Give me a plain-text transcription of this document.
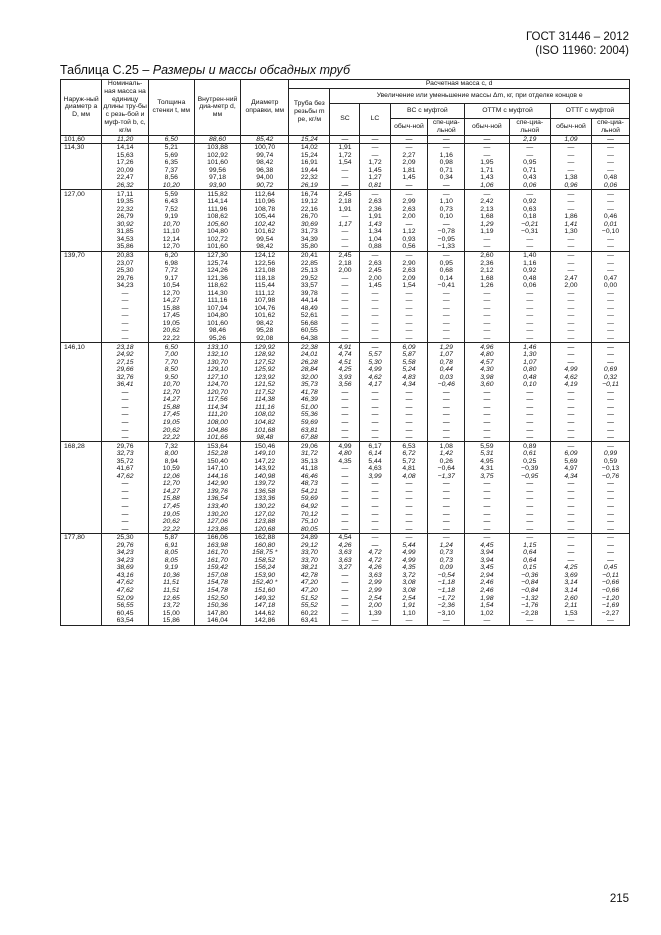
ГОСТ 31446 – 2012
(ISO 11960: 2004)
Таблица С.25 – Размеры и массы обсадных труб
Наруж-ный диаметр a D, мм	Номиналь-ная масса на единицу длины тру-бы с резь-бой и муф-той b, c, кг/м	Толщина стенки t, мм	Внутрен-ний диа-метр d, мм	Диаметр оправки, мм	Расчетная масса c, d								
					Труба без резьбы m pe, кг/м	Увеличение или уменьшение массы Δm, кг, при отделке концов e							
						SC	LC	BC с муфтой		ОТТМ с муфтой		ОТТГ с муфтой	
								обыч-ной	спе-циа-льной	обыч-ной	спе-циа-льной	обыч-ной	спе-циа-льной
101,60	11,20	6,50	88,60	85,42	15,24	—	—	—	—	—	2,19	1,09	—
114,30	14,14	5,21	103,88	100,70	14,02	1,91	—	—	—	—	—	—	—
	15,63	5,69	102,92	99,74	15,24	1,72	—	2,27	1,16	—	—	—	—
	17,26	6,35	101,60	98,42	16,91	1,54	1,72	2,09	0,98	1,95	0,95	—	—
	20,09	7,37	99,56	96,38	19,44	—	1,45	1,81	0,71	1,71	0,71	—	—
	22,47	8,56	97,18	94,00	22,32	—	1,27	1,45	0,34	1,43	0,43	1,38	0,48
	26,32	10,20	93,90	90,72	26,19	—	0,81	—	—	1,06	0,06	0,96	0,06
127,00	17,11	5,59	115,82	112,64	16,74	2,45	—	—	—	—	—	—	—
	19,35	6,43	114,14	110,96	19,12	2,18	2,63	2,99	1,10	2,42	0,92	—	—
	22,32	7,52	111,96	108,78	22,16	1,91	2,36	2,63	0,73	2,13	0,63	—	—
	26,79	9,19	108,62	105,44	26,70	—	1,91	2,00	0,10	1,68	0,18	1,86	0,46
	30,92	10,70	105,60	102,42	30,69	1,17	1,43	—	—	1,29	−0,21	1,41	0,01
	31,85	11,10	104,80	101,62	31,73	—	1,34	1,12	−0,78	1,19	−0,31	1,30	−0,10
	34,53	12,14	102,72	99,54	34,39	—	1,04	0,93	−0,95	—	—	—	—
	35,86	12,70	101,60	98,42	35,80	—	0,88	0,56	−1,33	—	—	—	—
139,70	20,83	6,20	127,30	124,12	20,41	2,45	—	—	—	2,60	1,40	—	—
	23,07	6,98	125,74	122,56	22,85	2,18	2,63	2,90	0,95	2,36	1,16	—	—
	25,30	7,72	124,26	121,08	25,13	2,00	2,45	2,63	0,68	2,12	0,92	—	—
	29,76	9,17	121,36	118,18	29,52	—	2,00	2,09	0,14	1,68	0,48	2,47	0,47
	34,23	10,54	118,62	115,44	33,57	—	1,45	1,54	−0,41	1,26	0,06	2,00	0,00
	—	12,70	114,30	111,12	39,78	—	—	—	—	—	—	—	—
	—	14,27	111,16	107,98	44,14	—	—	—	—	—	—	—	—
	—	15,88	107,94	104,76	48,49	—	—	—	—	—	—	—	—
	—	17,45	104,80	101,62	52,61	—	—	—	—	—	—	—	—
	—	19,05	101,60	98,42	56,68	—	—	—	—	—	—	—	—
	—	20,62	98,46	95,28	60,55	—	—	—	—	—	—	—	—
	—	22,22	95,26	92,08	64,38	—	—	—	—	—	—	—	—
146,10	23,18	6,50	133,10	129,92	22,38	4,91	—	6,09	1,29	4,96	1,46	—	—
	24,92	7,00	132,10	128,92	24,01	4,74	5,57	5,87	1,07	4,80	1,30	—	—
	27,15	7,70	130,70	127,52	26,28	4,51	5,30	5,58	0,78	4,57	1,07	—	—
	29,66	8,50	129,10	125,92	28,84	4,25	4,99	5,24	0,44	4,30	0,80	4,99	0,69
	32,76	9,50	127,10	123,92	32,00	3,93	4,62	4,83	0,03	3,98	0,48	4,62	0,32
	36,41	10,70	124,70	121,52	35,73	3,56	4,17	4,34	−0,46	3,60	0,10	4,19	−0,11
	—	12,70	120,70	117,52	41,78	—	—	—	—	—	—	—	—
	—	14,27	117,56	114,38	46,39	—	—	—	—	—	—	—	—
	—	15,88	114,34	111,16	51,00	—	—	—	—	—	—	—	—
	—	17,45	111,20	108,02	55,36	—	—	—	—	—	—	—	—
	—	19,05	108,00	104,82	59,69	—	—	—	—	—	—	—	—
	—	20,62	104,86	101,68	63,81	—	—	—	—	—	—	—	—
	—	22,22	101,66	98,48	67,88	—	—	—	—	—	—	—	—
168,28	29,76	7,32	153,64	150,46	29,06	4,99	6,17	6,53	1,08	5,59	0,89	—	—
	32,73	8,00	152,28	149,10	31,72	4,80	6,14	6,72	1,42	5,31	0,61	6,09	0,99
	35,72	8,94	150,40	147,22	35,13	4,35	5,44	5,72	0,26	4,95	0,25	5,69	0,59
	41,67	10,59	147,10	143,92	41,18	—	4,63	4,81	−0,64	4,31	−0,39	4,97	−0,13
	47,62	12,06	144,16	140,98	46,46	—	3,99	4,08	−1,37	3,75	−0,95	4,34	−0,76
	—	12,70	142,90	139,72	48,73	—	—	—	—	—	—	—	—
	—	14,27	139,76	136,58	54,21	—	—	—	—	—	—	—	—
	—	15,88	136,54	133,36	59,69	—	—	—	—	—	—	—	—
	—	17,45	133,40	130,22	64,92	—	—	—	—	—	—	—	—
	—	19,05	130,20	127,02	70,12	—	—	—	—	—	—	—	—
	—	20,62	127,06	123,88	75,10	—	—	—	—	—	—	—	—
	—	22,22	123,86	120,68	80,05	—	—	—	—	—	—	—	—
177,80	25,30	5,87	166,06	162,88	24,89	4,54	—	—	—	—	—	—	—
	29,76	6,91	163,98	160,80	29,12	4,26	—	5,44	1,24	4,45	1,15	—	—
	34,23	8,05	161,70	158,75 *	33,70	3,63	4,72	4,99	0,73	3,94	0,64	—	—
	34,23	8,05	161,70	158,52	33,70	3,63	4,72	4,99	0,73	3,94	0,64	—	—
	38,69	9,19	159,42	156,24	38,21	3,27	4,26	4,35	0,09	3,45	0,15	4,25	0,45
	43,16	10,36	157,08	153,90	42,78	—	3,63	3,72	−0,54	2,94	−0,36	3,69	−0,11
	47,62	11,51	154,78	152,40 *	47,20	—	2,99	3,08	−1,18	2,46	−0,84	3,14	−0,66
	47,62	11,51	154,78	151,60	47,20	—	2,99	3,08	−1,18	2,46	−0,84	3,14	−0,66
	52,09	12,65	152,50	149,32	51,52	—	2,54	2,54	−1,72	1,98	−1,32	2,60	−1,20
	56,55	13,72	150,36	147,18	55,52	—	2,00	1,91	−2,36	1,54	−1,76	2,11	−1,69
	60,45	15,00	147,80	144,62	60,22	—	1,39	1,10	−3,10	1,02	−2,28	1,53	−2,27
	63,54	15,86	146,04	142,86	63,41	—	—	—	—	—	—	—	—
215
